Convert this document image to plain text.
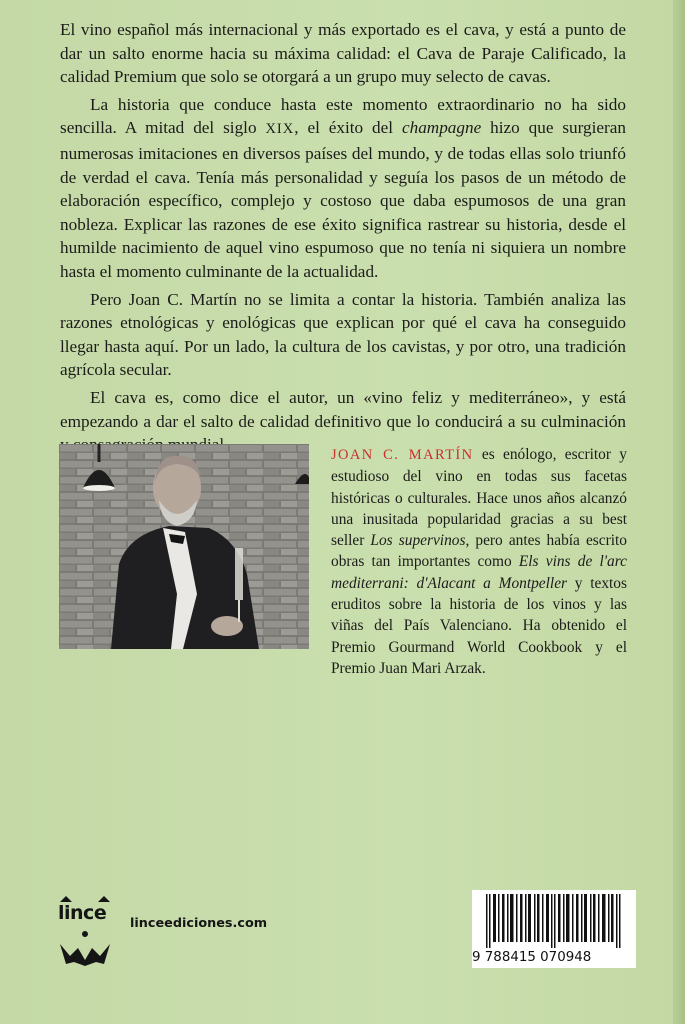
El vino español más internacional y más exportado es el cava, y está a punto de dar un salto enorme hacia su máxima calidad: el Cava de Paraje Calificado, la calidad Premium que solo se otorgará a un grupo muy selecto de cavas.

La historia que conduce hasta este momento extraordinario no ha sido sencilla. A mitad del siglo XIX, el éxito del champagne hizo que surgieran numerosas imitaciones en diversos países del mundo, y de todas ellas solo triunfó de verdad el cava. Tenía más personalidad y seguía los pasos de un método de elaboración específico, complejo y costoso que daba espumosos de una gran nobleza. Explicar las razones de ese éxito significa rastrear su historia, desde el humilde nacimiento de aquel vino espumoso que no tenía ni siquiera un nombre hasta el momento culminante de la actualidad.

Pero Joan C. Martín no se limita a contar la historia. También analiza las razones etnológicas y enológicas que explican por qué el cava ha conseguido llegar hasta aquí. Por un lado, la cultura de los cavistas, y por otro, una tradición agrícola secular.

El cava es, como dice el autor, un «vino feliz y mediterráneo», y está empezando a dar el salto de calidad definitivo que lo conducirá a su culminación

JOAN C. MARTÍN es enólogo, escritor y estudioso del vino en todas sus facetas históricas o culturales. Hace unos años alcanzó una inusitada popularidad gracias a su best seller Los supervinos, pero antes había escrito obras tan importantes como Els vins de l'arc mediterrani: d'Alacant a Montpeller y textos eruditos sobre la historia de los vinos y las viñas del País Valenciano. Ha obtenido el Premio Gourmand World Cookbook y el Premio Juan Mari Arzak.
lince linceediciones.com
9 788415 070948
